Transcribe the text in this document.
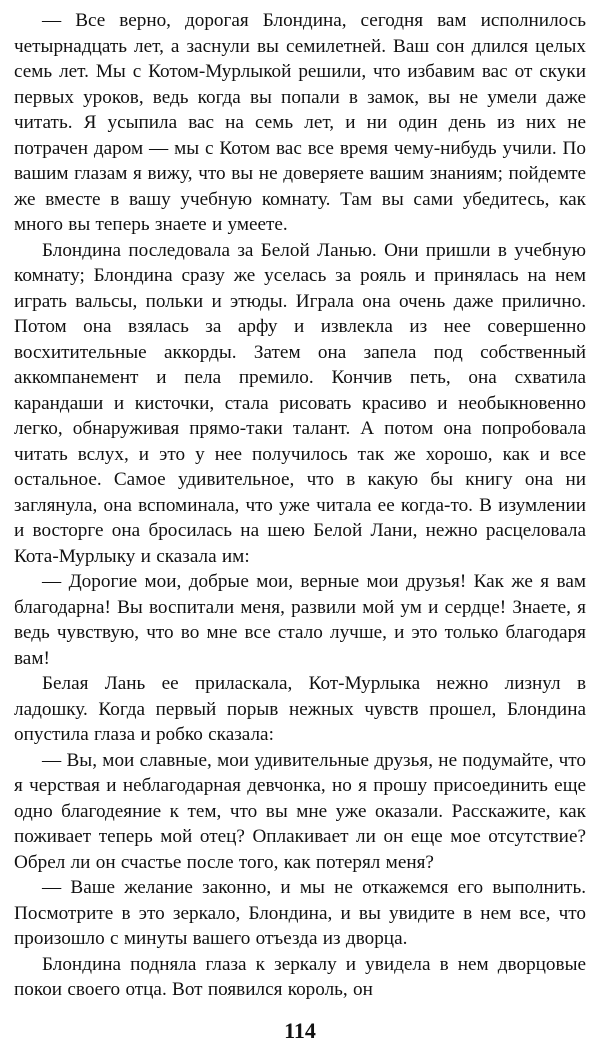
— Все верно, дорогая Блондина, сегодня вам исполнилось четырнадцать лет, а заснули вы семилетней. Ваш сон длился целых семь лет. Мы с Котом-Мурлыкой решили, что избавим вас от скуки первых уроков, ведь когда вы попали в замок, вы не умели даже читать. Я усыпила вас на семь лет, и ни один день из них не потрачен даром — мы с Котом вас все время чему-нибудь учили. По вашим глазам я вижу, что вы не доверяете вашим знаниям; пойдемте же вместе в вашу учебную комнату. Там вы сами убедитесь, как много вы теперь знаете и умеете.

Блондина последовала за Белой Ланью. Они пришли в учебную комнату; Блондина сразу же уселась за рояль и принялась на нем играть вальсы, польки и этюды. Играла она очень даже прилично. Потом она взялась за арфу и извлекла из нее совершенно восхитительные аккорды. Затем она запела под собственный аккомпанемент и пела премило. Кончив петь, она схватила карандаши и кисточки, стала рисовать красиво и необыкновенно легко, обнаруживая прямо-таки талант. А потом она попробовала читать вслух, и это у нее получилось так же хорошо, как и все остальное. Самое удивительное, что в какую бы книгу она ни заглянула, она вспоминала, что уже читала ее когда-то. В изумлении и восторге она бросилась на шею Белой Лани, нежно расцеловала Кота-Мурлыку и сказала им:

— Дорогие мои, добрые мои, верные мои друзья! Как же я вам благодарна! Вы воспитали меня, развили мой ум и сердце! Знаете, я ведь чувствую, что во мне все стало лучше, и это только благодаря вам!

Белая Лань ее приласкала, Кот-Мурлыка нежно лизнул в ладошку. Когда первый порыв нежных чувств прошел, Блондина опустила глаза и робко сказала:

— Вы, мои славные, мои удивительные друзья, не подумайте, что я черствая и неблагодарная девчонка, но я прошу присоединить еще одно благодеяние к тем, что вы мне уже оказали. Расскажите, как поживает теперь мой отец? Оплакивает ли он еще мое отсутствие? Обрел ли он счастье после того, как потерял меня?

— Ваше желание законно, и мы не откажемся его выполнить. Посмотрите в это зеркало, Блондина, и вы увидите в нем все, что произошло с минуты вашего отъезда из дворца.

Блондина подняла глаза к зеркалу и увидела в нем дворцовые покои своего отца. Вот появился король, он

114
